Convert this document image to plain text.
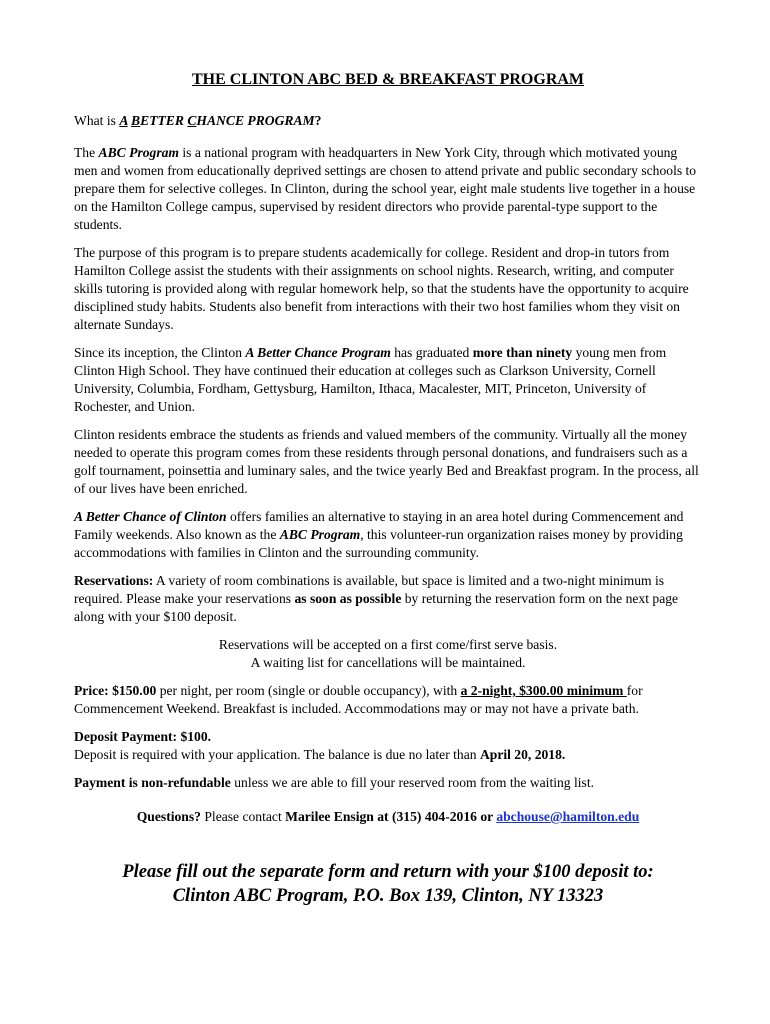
THE CLINTON ABC BED & BREAKFAST PROGRAM

What is A BETTER CHANCE PROGRAM?

The ABC Program is a national program with headquarters in New York City, through which motivated young men and women from educationally deprived settings are chosen to attend private and public secondary schools to prepare them for selective colleges. In Clinton, during the school year, eight male students live together in a house on the Hamilton College campus, supervised by resident directors who provide parental-type support to the students.

The purpose of this program is to prepare students academically for college. Resident and drop-in tutors from Hamilton College assist the students with their assignments on school nights. Research, writing, and computer skills tutoring is provided along with regular homework help, so that the students have the opportunity to acquire disciplined study habits. Students also benefit from interactions with their two host families whom they visit on alternate Sundays.

Since its inception, the Clinton A Better Chance Program has graduated more than ninety young men from Clinton High School. They have continued their education at colleges such as Clarkson University, Cornell University, Columbia, Fordham, Gettysburg, Hamilton, Ithaca, Macalester, MIT, Princeton, University of Rochester, and Union.

Clinton residents embrace the students as friends and valued members of the community. Virtually all the money needed to operate this program comes from these residents through personal donations, and fundraisers such as a golf tournament, poinsettia and luminary sales, and the twice yearly Bed and Breakfast program. In the process, all of our lives have been enriched.

A Better Chance of Clinton offers families an alternative to staying in an area hotel during Commencement and Family weekends. Also known as the ABC Program, this volunteer-run organization raises money by providing accommodations with families in Clinton and the surrounding community.

Reservations: A variety of room combinations is available, but space is limited and a two-night minimum is required. Please make your reservations as soon as possible by returning the reservation form on the next page along with your $100 deposit.

Reservations will be accepted on a first come/first serve basis.
A waiting list for cancellations will be maintained.

Price: $150.00 per night, per room (single or double occupancy), with a 2-night, $300.00 minimum for Commencement Weekend. Breakfast is included. Accommodations may or may not have a private bath.

Deposit Payment: $100.
Deposit is required with your application. The balance is due no later than April 20, 2018.

Payment is non-refundable unless we are able to fill your reserved room from the waiting list.

Questions? Please contact Marilee Ensign at (315) 404-2016 or abchouse@hamilton.edu

Please fill out the separate form and return with your $100 deposit to:
Clinton ABC Program, P.O. Box 139, Clinton, NY 13323
